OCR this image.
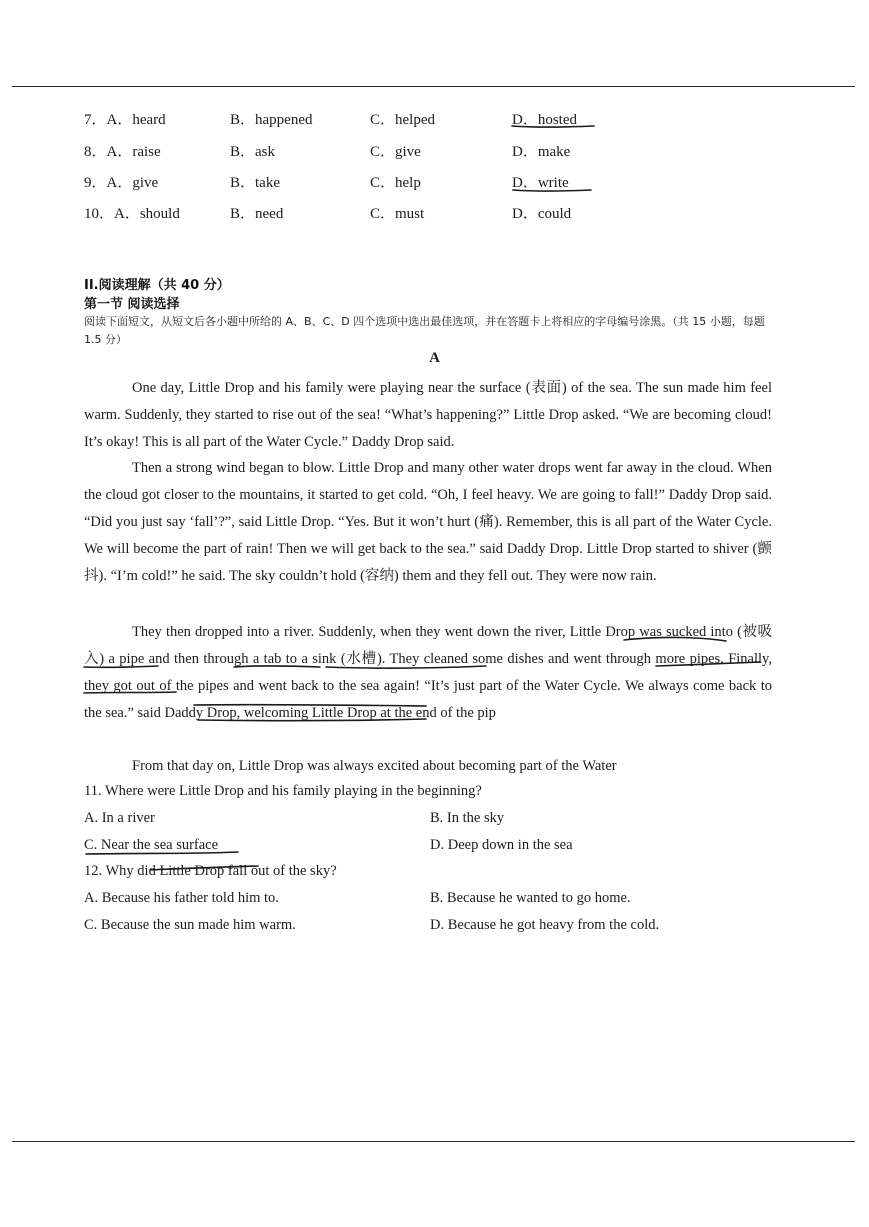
7．A．heard	B．happened	C．helped	D．hosted
8．A．raise	B．ask	C．give	D．make
9．A．give	B．take	C．help	D．write
10．A．should	B．need	C．must	D．could
II.阅读理解（共 40 分）
第一节 阅读选择
阅读下面短文，从短文后各小题中所给的 A、B、C、D 四个选项中选出最佳选项，并在答题卡上将相应的字母编号涂黑。（共 15 小题，每题 1.5 分）
A
One day, Little Drop and his family were playing near the surface (表面) of the sea. The sun made him feel warm. Suddenly, they started to rise out of the sea! “What’s happening?” Little Drop asked. “We are becoming cloud! It’s okay! This is all part of the Water Cycle.” Daddy Drop said.
Then a strong wind began to blow. Little Drop and many other water drops went far away in the cloud. When the cloud got closer to the mountains, it started to get cold. “Oh, I feel heavy. We are going to fall!” Daddy Drop said. “Did you just say ‘fall’?”, said Little Drop. “Yes. But it won’t hurt (痛). Remember, this is all part of the Water Cycle. We will become the part of rain! Then we will get back to the sea.” said Daddy Drop. Little Drop started to shiver (颤抖). “I’m cold!” he said. The sky couldn’t hold (容纳) them and they fell out. They were now rain.
They then dropped into a river. Suddenly, when they went down the river, Little Drop was sucked into (被吸入) a pipe and then through a tab to a sink (水槽). They cleaned some dishes and went through more pipes. Finally, they got out of the pipes and went back to the sea again! “It’s just part of the Water Cycle. We always come back to the sea.” said Daddy Drop, welcoming Little Drop at the end of the pip
From that day on, Little Drop was always excited about becoming part of the Water
11. Where were Little Drop and his family playing in the beginning?
A. In a river	B. In the sky
C. Near the sea surface	D. Deep down in the sea
12. Why did Little Drop fall out of the sky?
A. Because his father told him to.	B. Because he wanted to go home.
C. Because the sun made him warm.	D. Because he got heavy from the cold.
